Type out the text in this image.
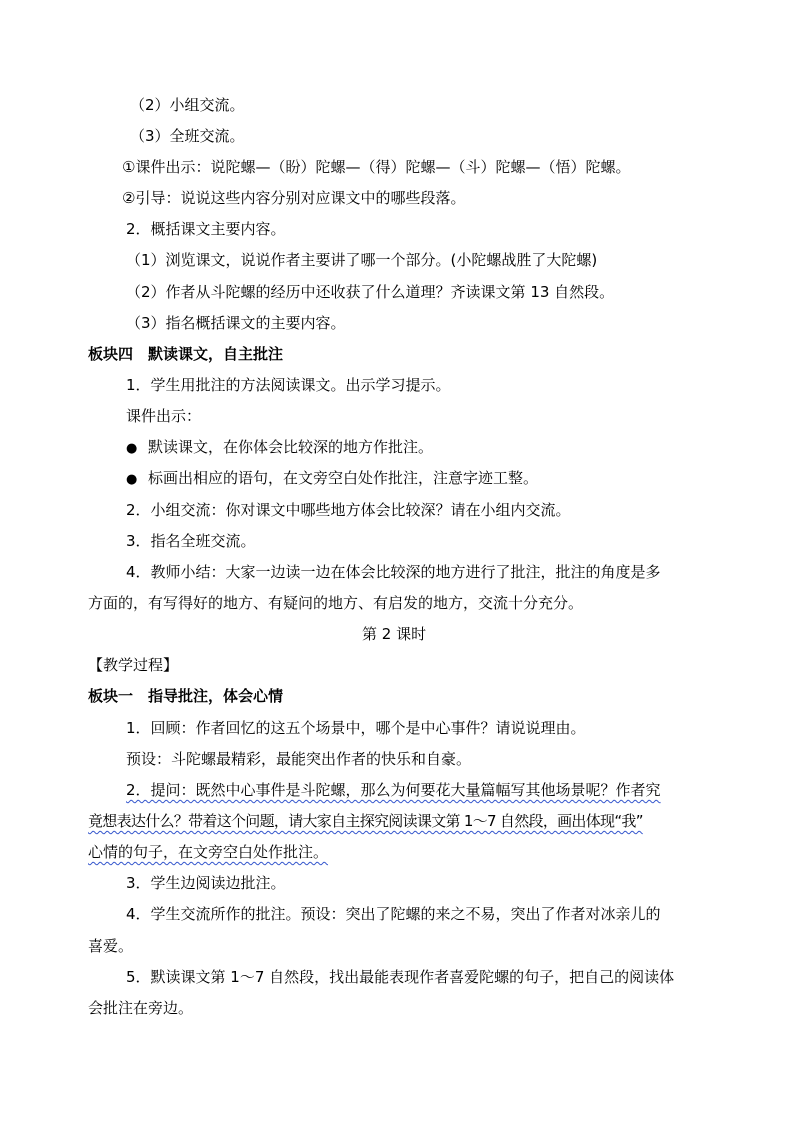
（2）小组交流。
（3）全班交流。
①课件出示：说陀螺—（盼）陀螺—（得）陀螺—（斗）陀螺—（悟）陀螺。
②引导：说说这些内容分别对应课文中的哪些段落。
2．概括课文主要内容。
（1）浏览课文，说说作者主要讲了哪一个部分。(小陀螺战胜了大陀螺)
（2）作者从斗陀螺的经历中还收获了什么道理？齐读课文第 13 自然段。
（3）指名概括课文的主要内容。
板块四　默读课文，自主批注
1．学生用批注的方法阅读课文。出示学习提示。
课件出示：
● 默读课文，在你体会比较深的地方作批注。
● 标画出相应的语句，在文旁空白处作批注，注意字迹工整。
2．小组交流：你对课文中哪些地方体会比较深？请在小组内交流。
3．指名全班交流。
4．教师小结：大家一边读一边在体会比较深的地方进行了批注，批注的角度是多
方面的，有写得好的地方、有疑问的地方、有启发的地方，交流十分充分。
第 2 课时
【教学过程】
板块一　指导批注，体会心情
1．回顾：作者回忆的这五个场景中，哪个是中心事件？请说说理由。
预设：斗陀螺最精彩，最能突出作者的快乐和自豪。
2．提问：既然中心事件是斗陀螺，那么为何要花大量篇幅写其他场景呢？作者究
竟想表达什么？带着这个问题，请大家自主探究阅读课文第 1～7 自然段，画出体现“我”
心情的句子，在文旁空白处作批注。
3．学生边阅读边批注。
4．学生交流所作的批注。预设：突出了陀螺的来之不易，突出了作者对冰亲儿的
喜爱。
5．默读课文第 1～7 自然段，找出最能表现作者喜爱陀螺的句子，把自己的阅读体
会批注在旁边。
